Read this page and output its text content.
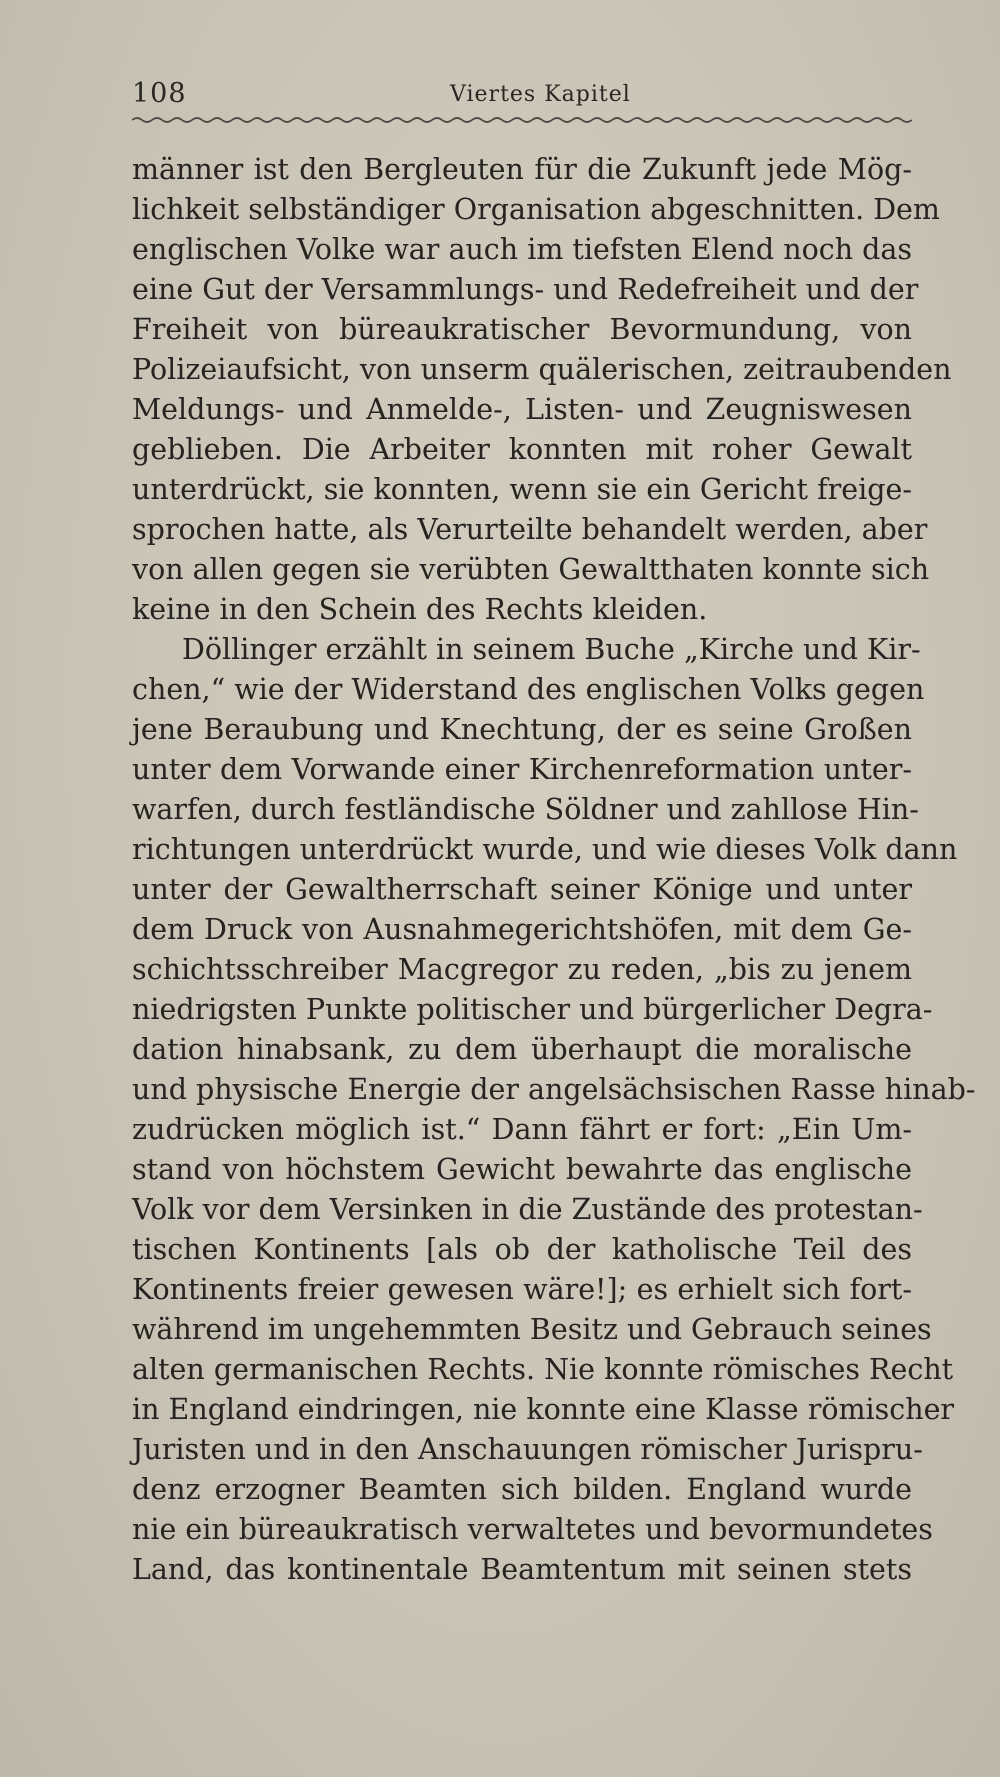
108	Viertes Kapitel
männer ist den Bergleuten für die Zukunft jede Mög-
lichkeit selbständiger Organisation abgeschnitten. Dem
englischen Volke war auch im tiefsten Elend noch das
eine Gut der Versammlungs- und Redefreiheit und der
Freiheit von büreaukratischer Bevormundung, von
Polizeiaufsicht, von unserm quälerischen, zeitraubenden
Meldungs- und Anmelde-, Listen- und Zeugniswesen
geblieben. Die Arbeiter konnten mit roher Gewalt
unterdrückt, sie konnten, wenn sie ein Gericht freige-
sprochen hatte, als Verurteilte behandelt werden, aber
von allen gegen sie verübten Gewaltthaten konnte sich
keine in den Schein des Rechts kleiden.
Döllinger erzählt in seinem Buche „Kirche und Kir-
chen,“ wie der Widerstand des englischen Volks gegen
jene Beraubung und Knechtung, der es seine Großen
unter dem Vorwande einer Kirchenreformation unter-
warfen, durch festländische Söldner und zahllose Hin-
richtungen unterdrückt wurde, und wie dieses Volk dann
unter der Gewaltherrschaft seiner Könige und unter
dem Druck von Ausnahmegerichtshöfen, mit dem Ge-
schichtsschreiber Macgregor zu reden, „bis zu jenem
niedrigsten Punkte politischer und bürgerlicher Degra-
dation hinabsank, zu dem überhaupt die moralische
und physische Energie der angelsächsischen Rasse hinab-
zudrücken möglich ist.“ Dann fährt er fort: „Ein Um-
stand von höchstem Gewicht bewahrte das englische
Volk vor dem Versinken in die Zustände des protestan-
tischen Kontinents [als ob der katholische Teil des
Kontinents freier gewesen wäre!]; es erhielt sich fort-
während im ungehemmten Besitz und Gebrauch seines
alten germanischen Rechts. Nie konnte römisches Recht
in England eindringen, nie konnte eine Klasse römischer
Juristen und in den Anschauungen römischer Jurispru-
denz erzogner Beamten sich bilden. England wurde
nie ein büreaukratisch verwaltetes und bevormundetes
Land, das kontinentale Beamtentum mit seinen stets
